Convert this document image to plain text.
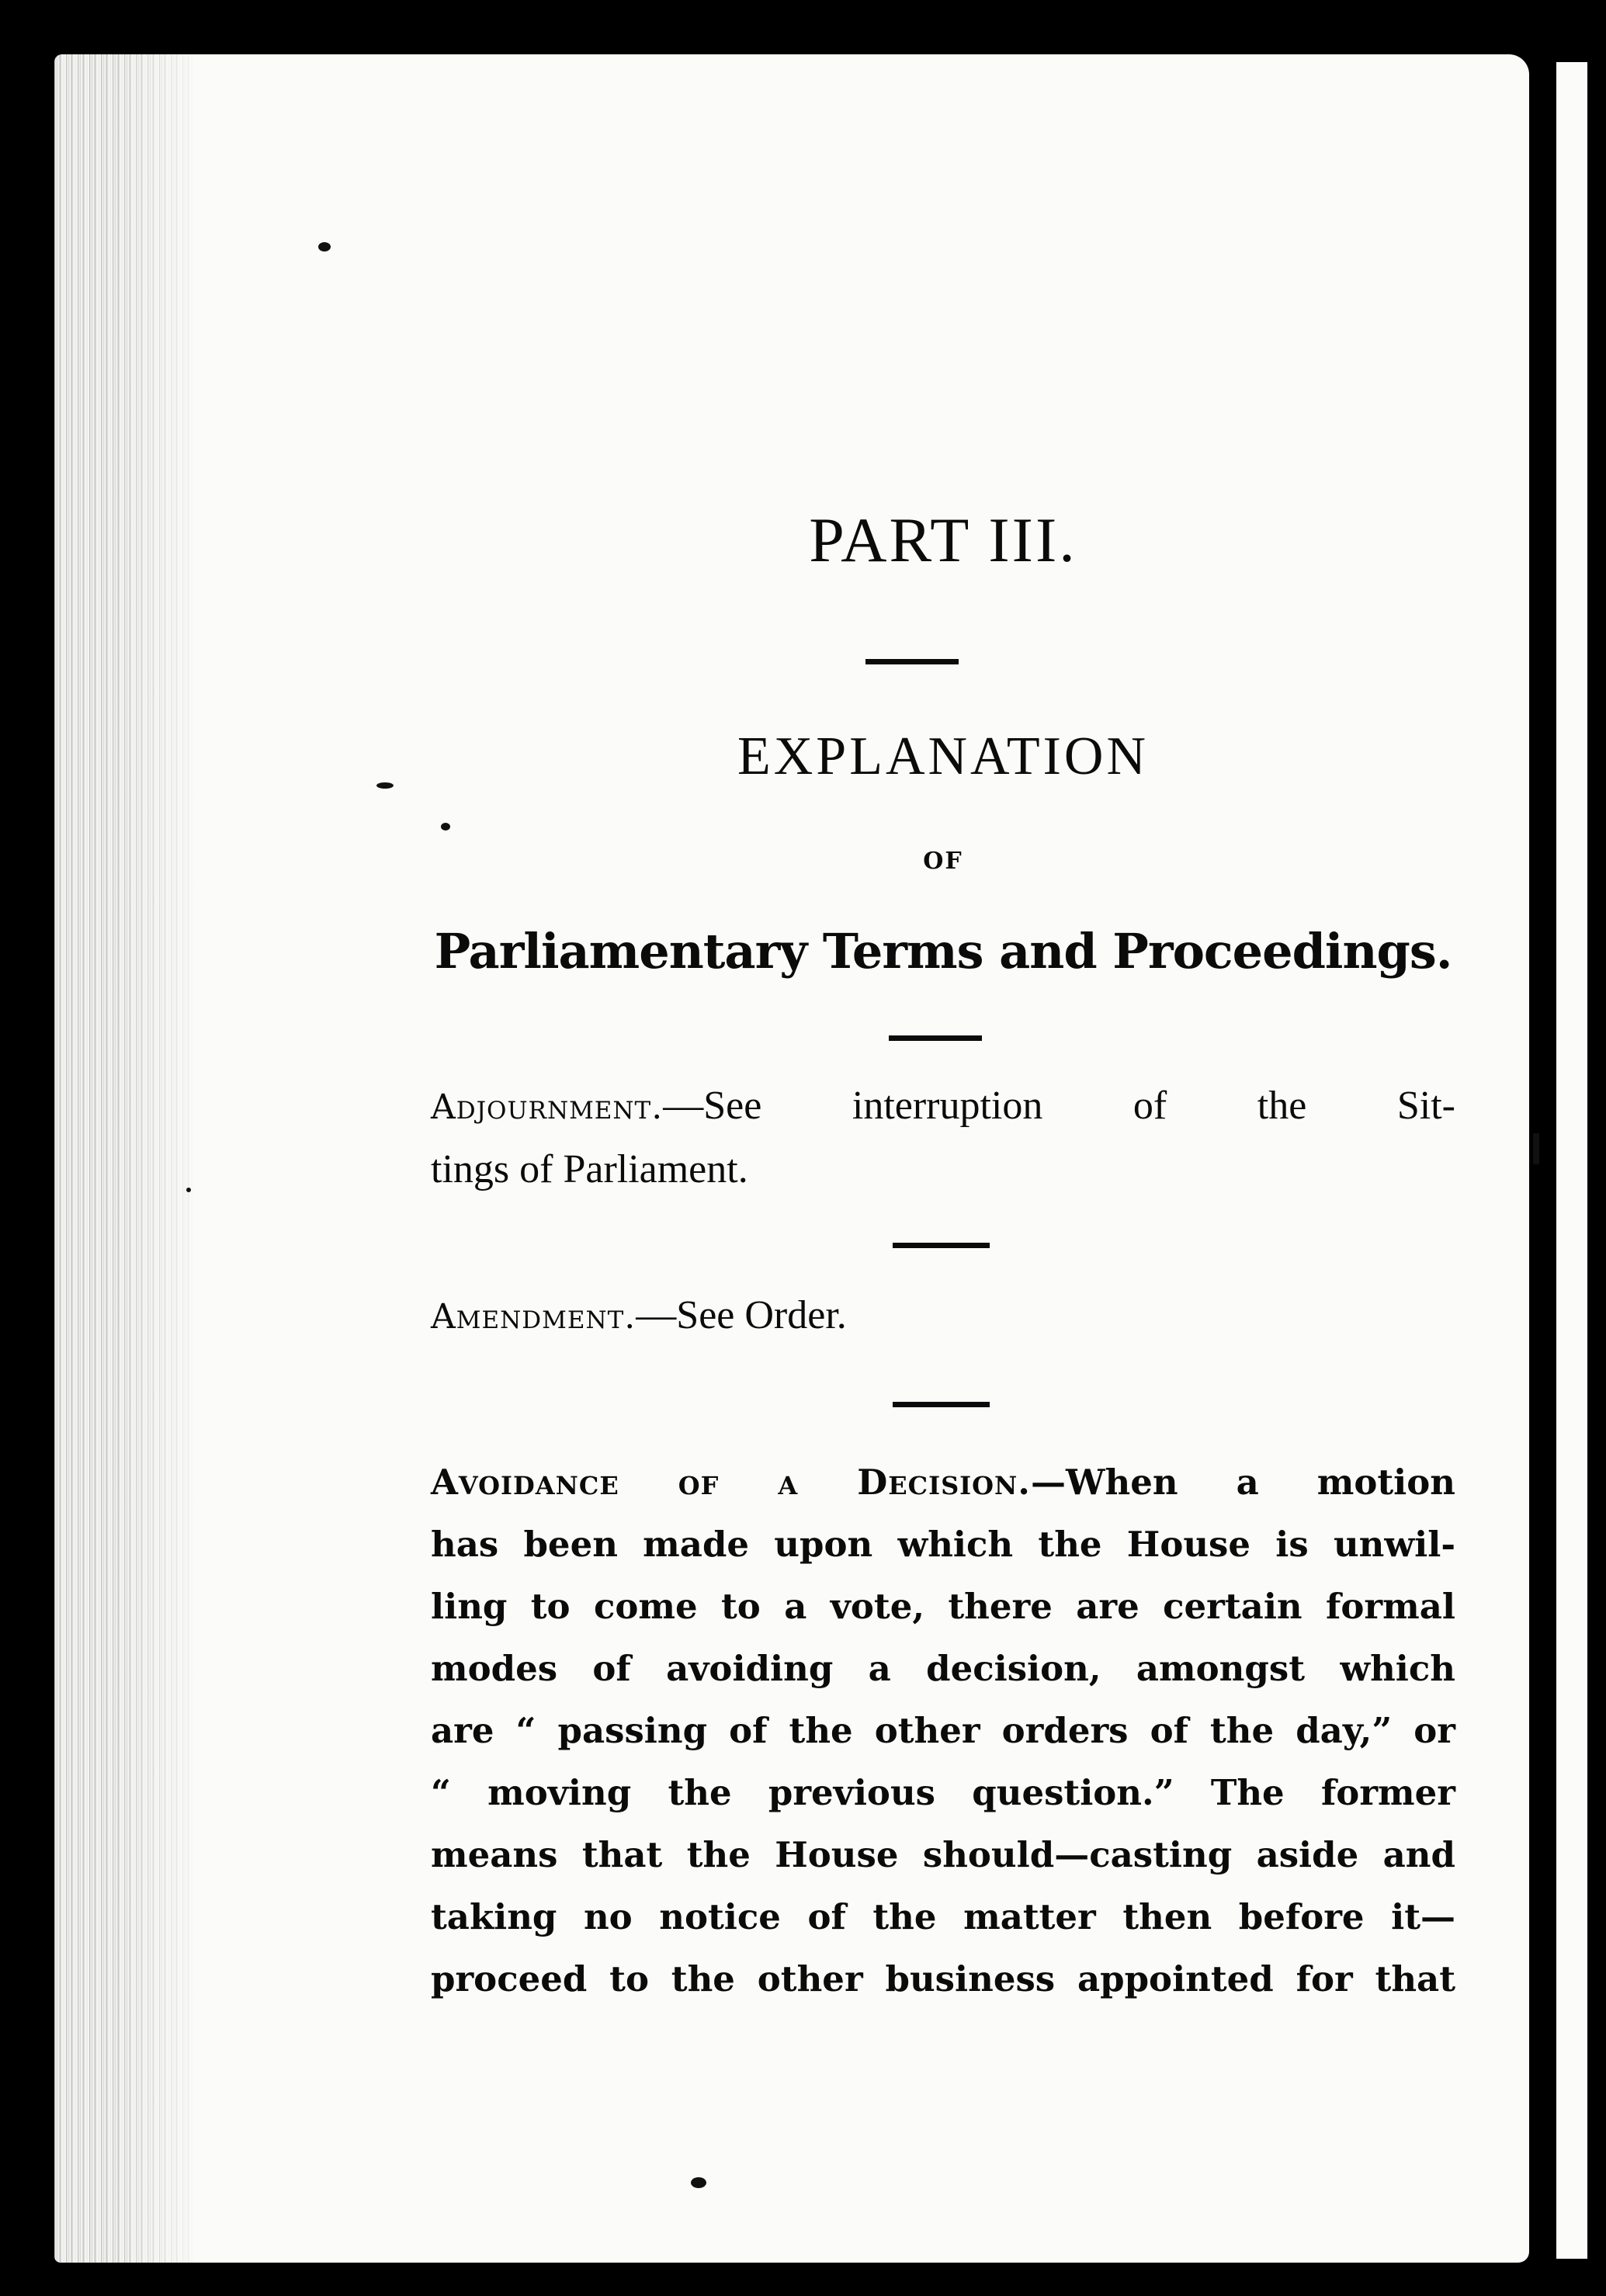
PART III.
EXPLANATION
OF
Parliamentary Terms and Proceedings.
Adjournment.—See interruption of the Sit-
tings of Parliament.
Amendment.—See Order.
Avoidance of a Decision.—When a motion
has been made upon which the House is unwil-
ling to come to a vote, there are certain formal
modes of avoiding a decision, amongst which
are “ passing of the other orders of the day,” or
“ moving the previous question.” The former
means that the House should—casting aside and
taking no notice of the matter then before it—
proceed to the other business appointed for that
